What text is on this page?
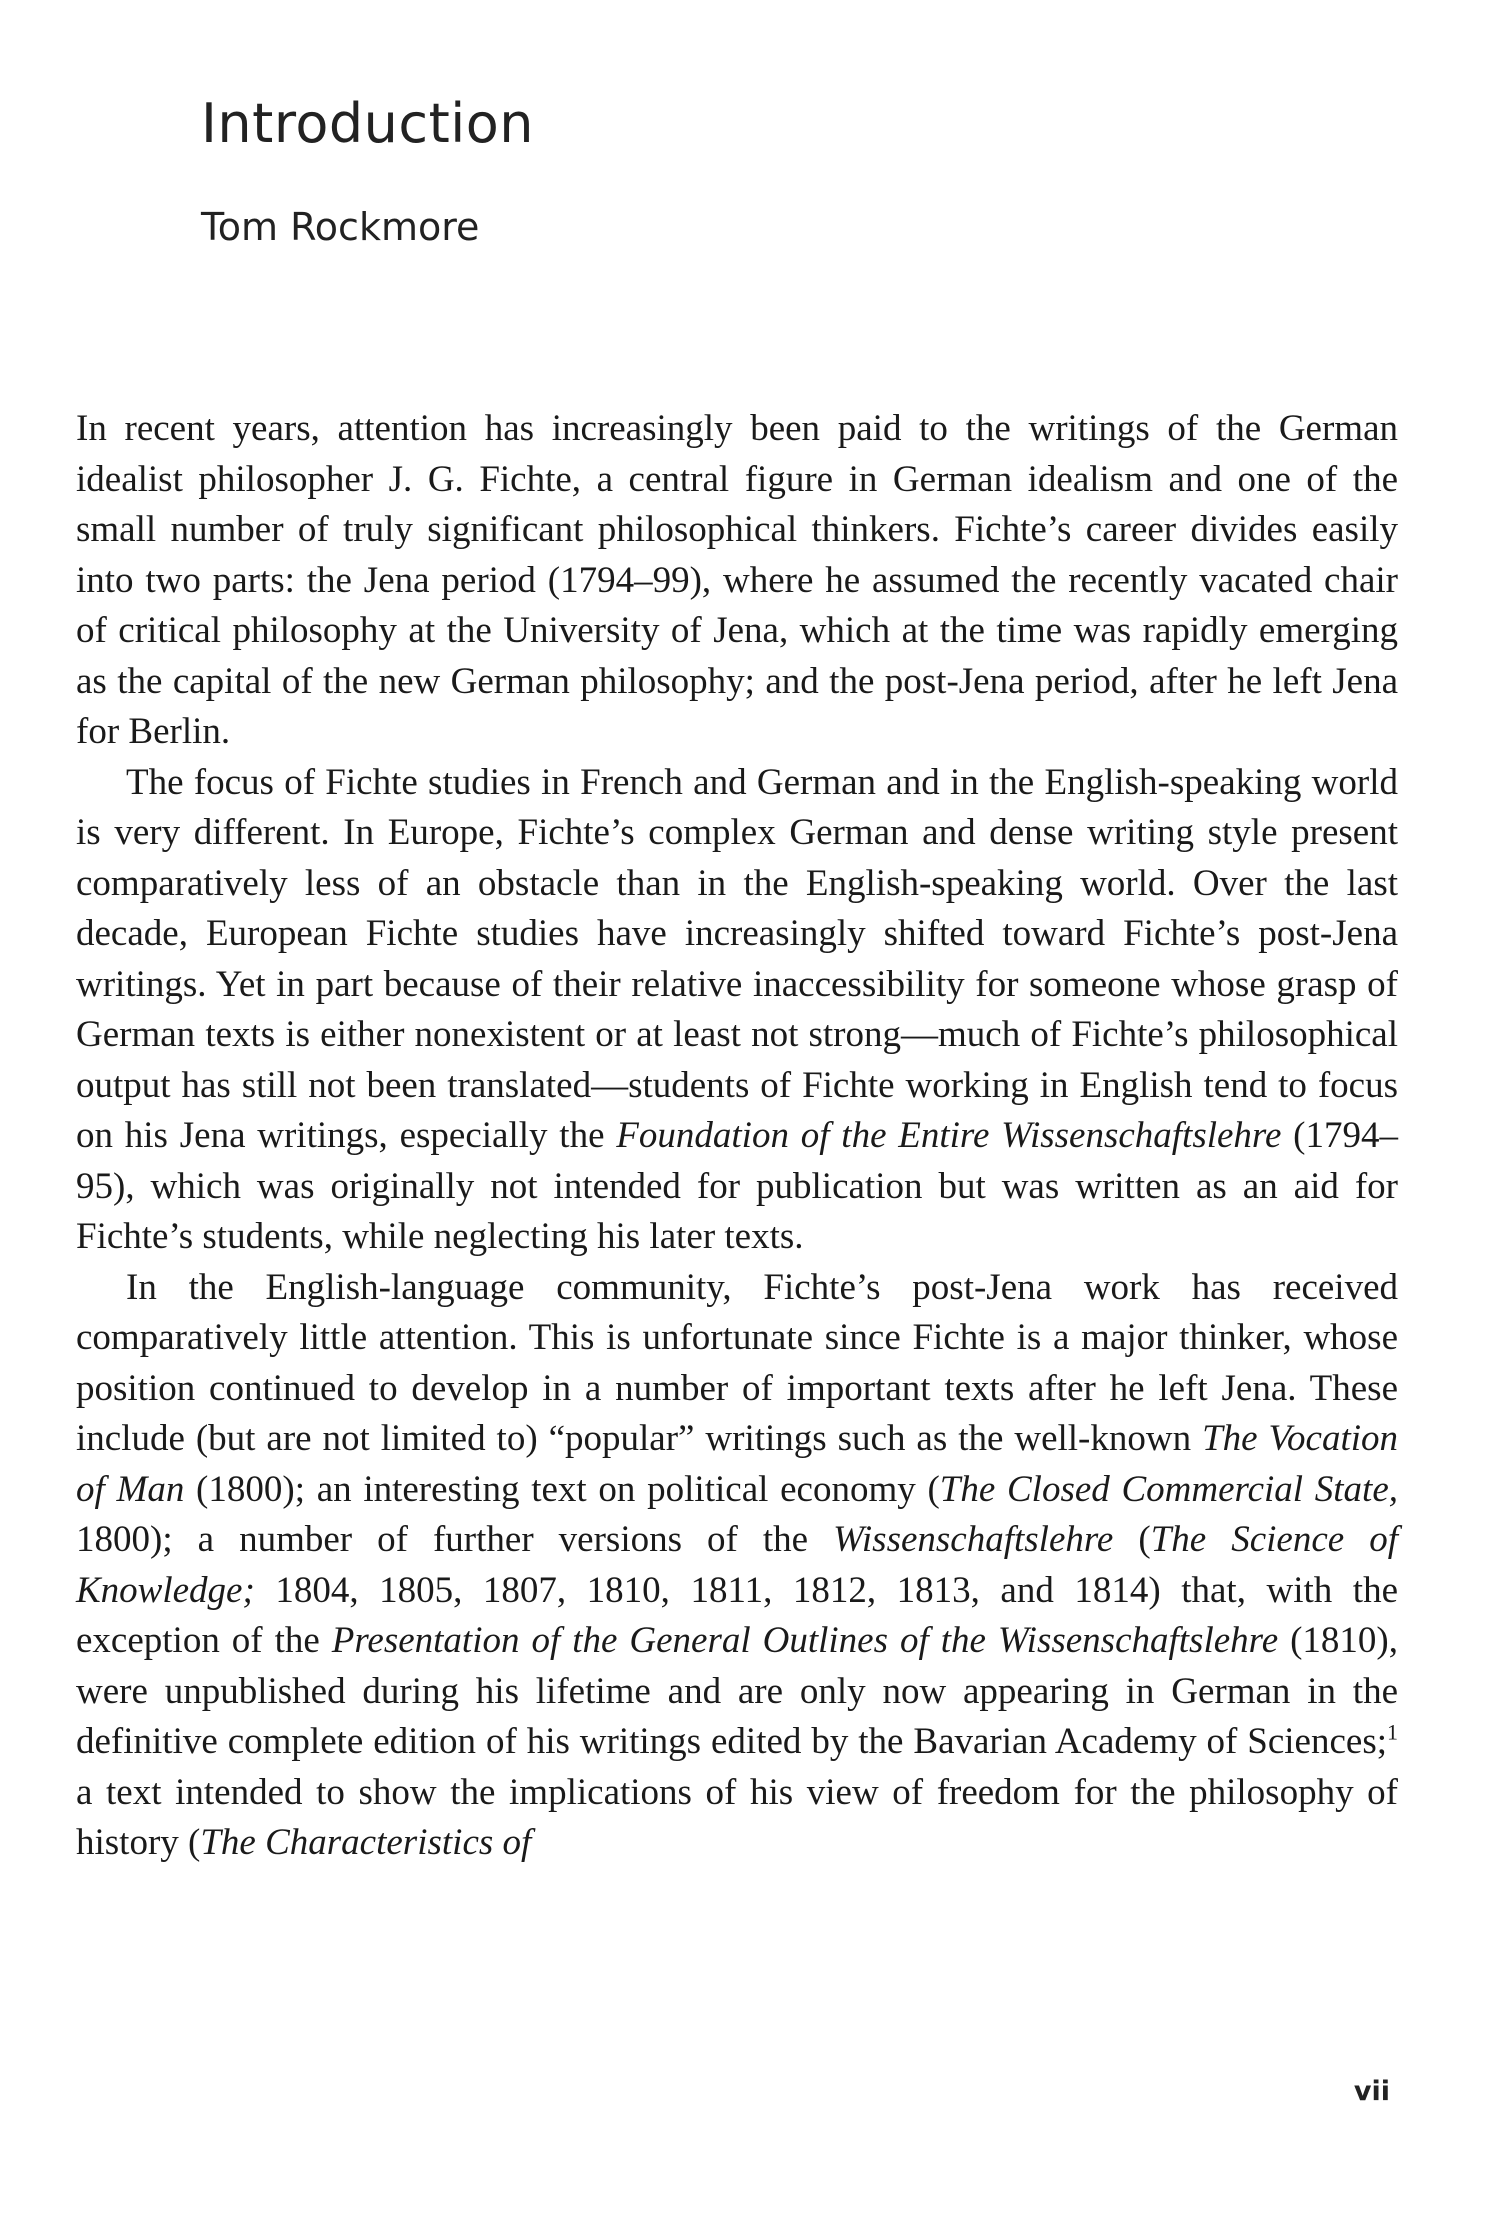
Introduction
Tom Rockmore

In recent years, attention has increasingly been paid to the writings of the German idealist philosopher J. G. Fichte, a central figure in German idealism and one of the small number of truly significant philosophical thinkers. Fichte’s career divides easily into two parts: the Jena period (1794–99), where he assumed the recently vacated chair of critical philosophy at the University of Jena, which at the time was rapidly emerging as the capital of the new German philosophy; and the post-Jena period, after he left Jena for Berlin.

The focus of Fichte studies in French and German and in the English-speaking world is very different. In Europe, Fichte’s complex German and dense writing style present comparatively less of an obstacle than in the English-speaking world. Over the last decade, European Fichte studies have increasingly shifted toward Fichte’s post-Jena writings. Yet in part because of their relative inaccessibility for someone whose grasp of German texts is either nonexistent or at least not strong—much of Fichte’s philosophical output has still not been translated—students of Fichte working in English tend to focus on his Jena writings, especially the Foundation of the Entire Wissenschaftslehre (1794–95), which was originally not intended for publication but was written as an aid for Fichte’s students, while neglecting his later texts.

In the English-language community, Fichte’s post-Jena work has received comparatively little attention. This is unfortunate since Fichte is a major thinker, whose position continued to develop in a number of important texts after he left Jena. These include (but are not limited to) “popular” writings such as the well-known The Vocation of Man (1800); an interesting text on political economy (The Closed Commercial State, 1800); a number of further versions of the Wissenschaftslehre (The Science of Knowledge; 1804, 1805, 1807, 1810, 1811, 1812, 1813, and 1814) that, with the exception of the Presentation of the General Outlines of the Wissenschaftslehre (1810), were unpublished during his lifetime and are only now appearing in German in the definitive complete edition of his writings edited by the Bavarian Academy of Sciences;$^1$ a text intended to show the implications of his view of freedom for the philosophy of history (The Characteristics of

vii
